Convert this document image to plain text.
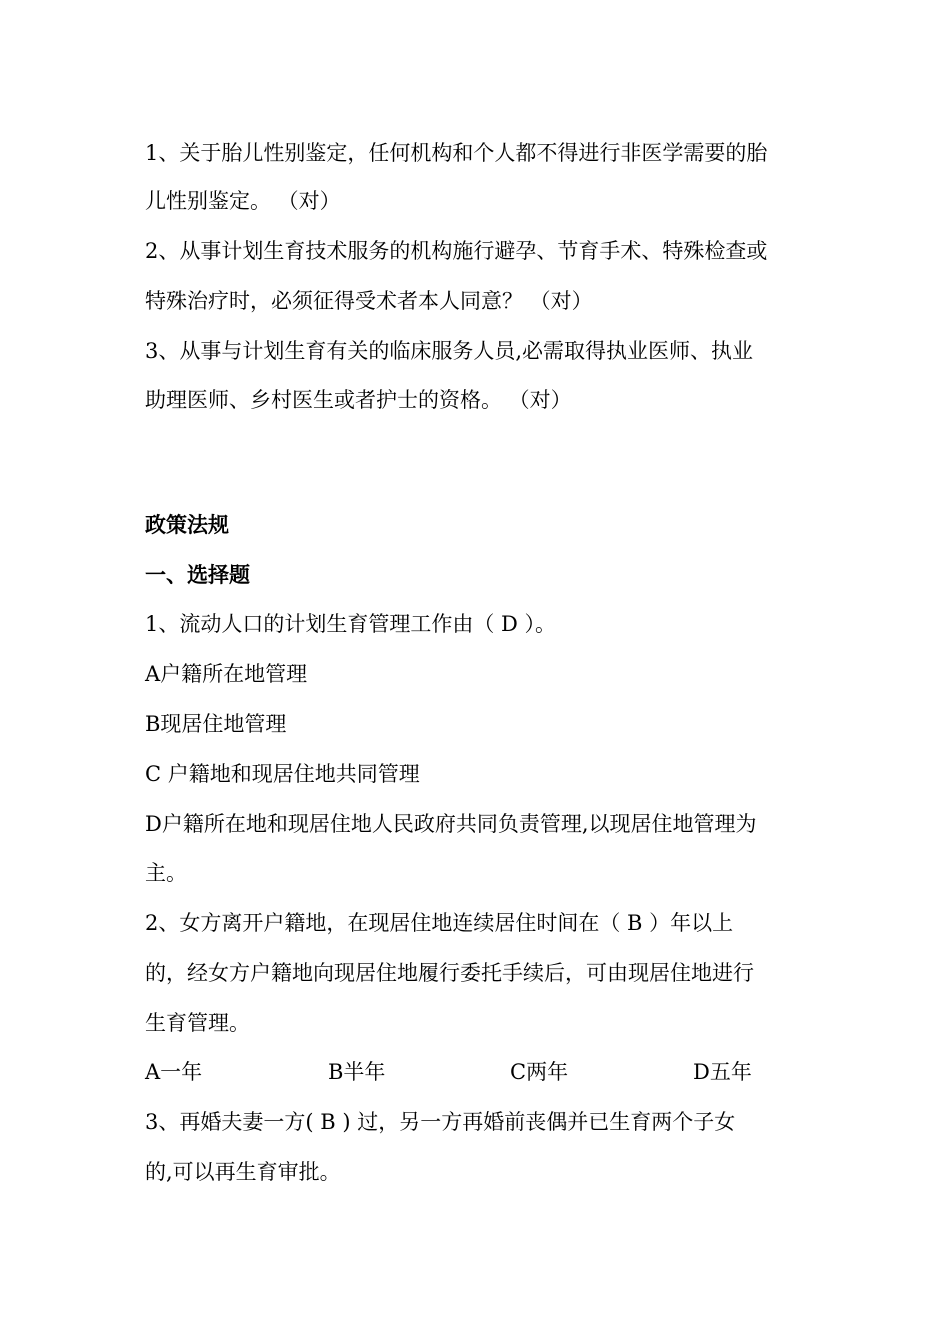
1、关于胎儿性别鉴定，任何机构和个人都不得进行非医学需要的胎
儿性别鉴定。 （对）
2、从事计划生育技术服务的机构施行避孕、节育手术、特殊检查或
特殊治疗时，必须征得受术者本人同意？ （对）
3、从事与计划生育有关的临床服务人员,必需取得执业医师、执业
助理医师、乡村医生或者护士的资格。 （对）
政策法规
一、选择题
1、流动人口的计划生育管理工作由（ D ）。
A户籍所在地管理
B现居住地管理
C 户籍地和现居住地共同管理
D户籍所在地和现居住地人民政府共同负责管理,以现居住地管理为
主。
2、女方离开户籍地，在现居住地连续居住时间在（ B ）年以上
的，经女方户籍地向现居住地履行委托手续后，可由现居住地进行
生育管理。
A一年	B半年	C两年	D五年
3、再婚夫妻一方( B ) 过，另一方再婚前丧偶并已生育两个子女
的,可以再生育审批。
